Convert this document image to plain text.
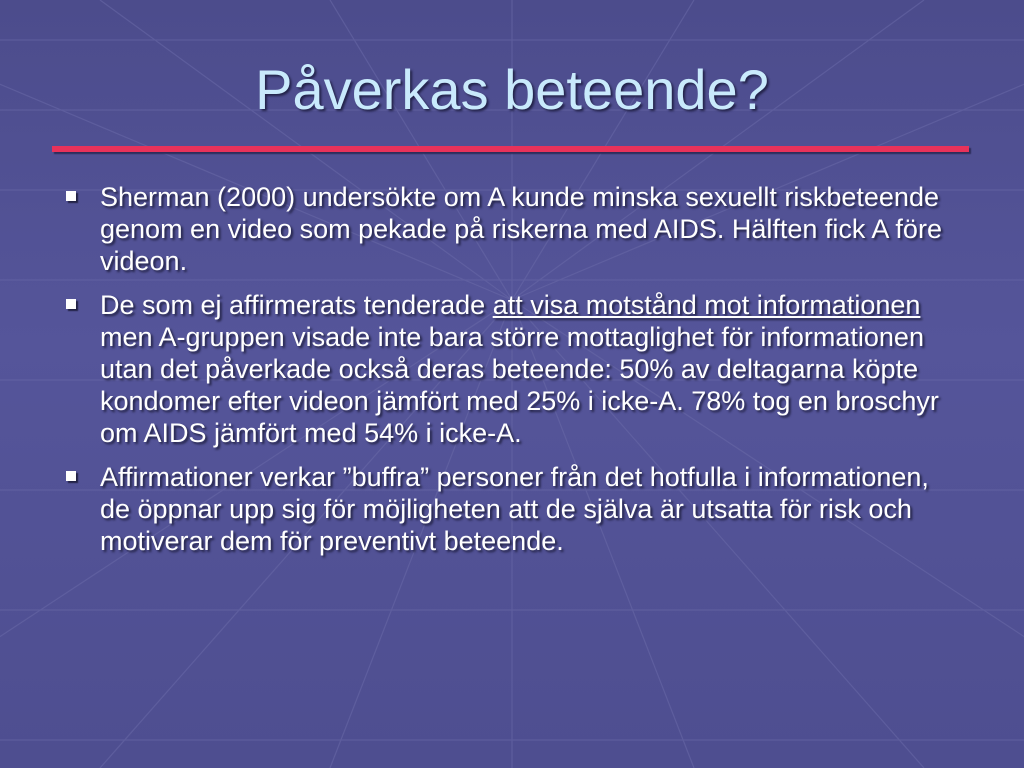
Påverkas beteende?
Sherman (2000) undersökte om A kunde minska sexuellt riskbeteende genom en video som pekade på riskerna med AIDS. Hälften fick A före videon.
De som ej affirmerats tenderade att visa motstånd mot informationen men A-gruppen visade inte bara större mottaglighet för informationen utan det påverkade också deras beteende: 50% av deltagarna köpte kondomer efter videon jämfört med 25% i icke-A. 78% tog en broschyr om AIDS jämfört med 54% i icke-A.
Affirmationer verkar ”buffra” personer från det hotfulla i informationen, de öppnar upp sig för möjligheten att de själva är utsatta för risk och motiverar dem för preventivt beteende.
